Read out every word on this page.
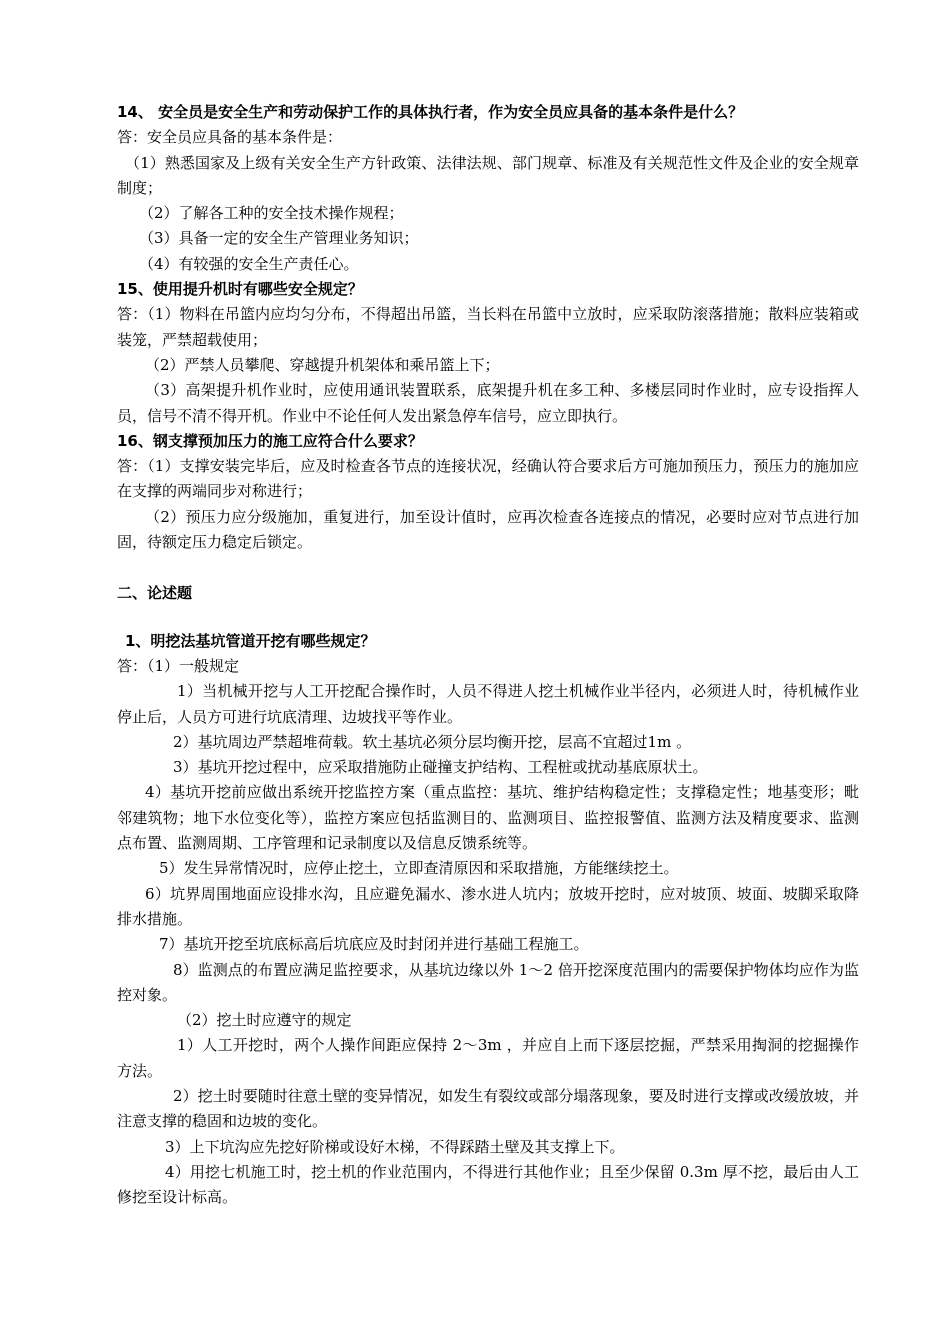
14、 安全员是安全生产和劳动保护工作的具体执行者，作为安全员应具备的基本条件是什么？

答：安全员应具备的基本条件是：

（1）熟悉国家及上级有关安全生产方针政策、法律法规、部门规章、标准及有关规范性文件及企业的安全规章制度；

（2）了解各工种的安全技术操作规程；

（3）具备一定的安全生产管理业务知识；

（4）有较强的安全生产责任心。

15、使用提升机时有哪些安全规定？

答：（1）物料在吊篮内应均匀分布，不得超出吊篮，当长料在吊篮中立放时，应采取防滚落措施；散料应装箱或装笼，严禁超载使用；

（2）严禁人员攀爬、穿越提升机架体和乘吊篮上下；

（3）高架提升机作业时，应使用通讯装置联系，底架提升机在多工种、多楼层同时作业时，应专设指挥人员，信号不清不得开机。作业中不论任何人发出紧急停车信号，应立即执行。

16、钢支撑预加压力的施工应符合什么要求？

答：（1）支撑安装完毕后，应及时检查各节点的连接状况，经确认符合要求后方可施加预压力，预压力的施加应在支撑的两端同步对称进行；

（2）预压力应分级施加，重复进行，加至设计值时，应再次检查各连接点的情况，必要时应对节点进行加固，待额定压力稳定后锁定。

二、论述题

1、明挖法基坑管道开挖有哪些规定？

答：（1）一般规定

1）当机械开挖与人工开挖配合操作时，人员不得进人挖土机械作业半径内，必须进人时，待机械作业停止后，人员方可进行坑底清理、边坡找平等作业。

2）基坑周边严禁超堆荷载。软土基坑必须分层均衡开挖，层高不宜超过1m 。

3）基坑开挖过程中，应采取措施防止碰撞支护结构、工程桩或扰动基底原状土。

4）基坑开挖前应做出系统开挖监控方案（重点监控：基坑、维护结构稳定性；支撑稳定性；地基变形；毗邻建筑物；地下水位变化等），监控方案应包括监测目的、监测项目、监控报警值、监测方法及精度要求、监测点布置、监测周期、工序管理和记录制度以及信息反馈系统等。

5）发生异常情况时，应停止挖土，立即查清原因和采取措施，方能继续挖土。

6）坑界周围地面应设排水沟，且应避免漏水、渗水进人坑内；放坡开挖时，应对坡顶、坡面、坡脚采取降排水措施。

7）基坑开挖至坑底标高后坑底应及时封闭并进行基础工程施工。

8）监测点的布置应满足监控要求，从基坑边缘以外 1～2 倍开挖深度范围内的需要保护物体均应作为监控对象。

（2）挖土时应遵守的规定

1）人工开挖时，两个人操作间距应保持 2～3m ，并应自上而下逐层挖掘，严禁采用掏洞的挖掘操作方法。

2）挖土时要随时往意土壁的变异情况，如发生有裂纹或部分塌落现象，要及时进行支撑或改缓放坡，并注意支撑的稳固和边坡的变化。

3）上下坑沟应先挖好阶梯或设好木梯，不得踩踏土壁及其支撑上下。

4）用挖七机施工时，挖土机的作业范围内，不得进行其他作业；且至少保留 0.3m 厚不挖，最后由人工修挖至设计标高。
